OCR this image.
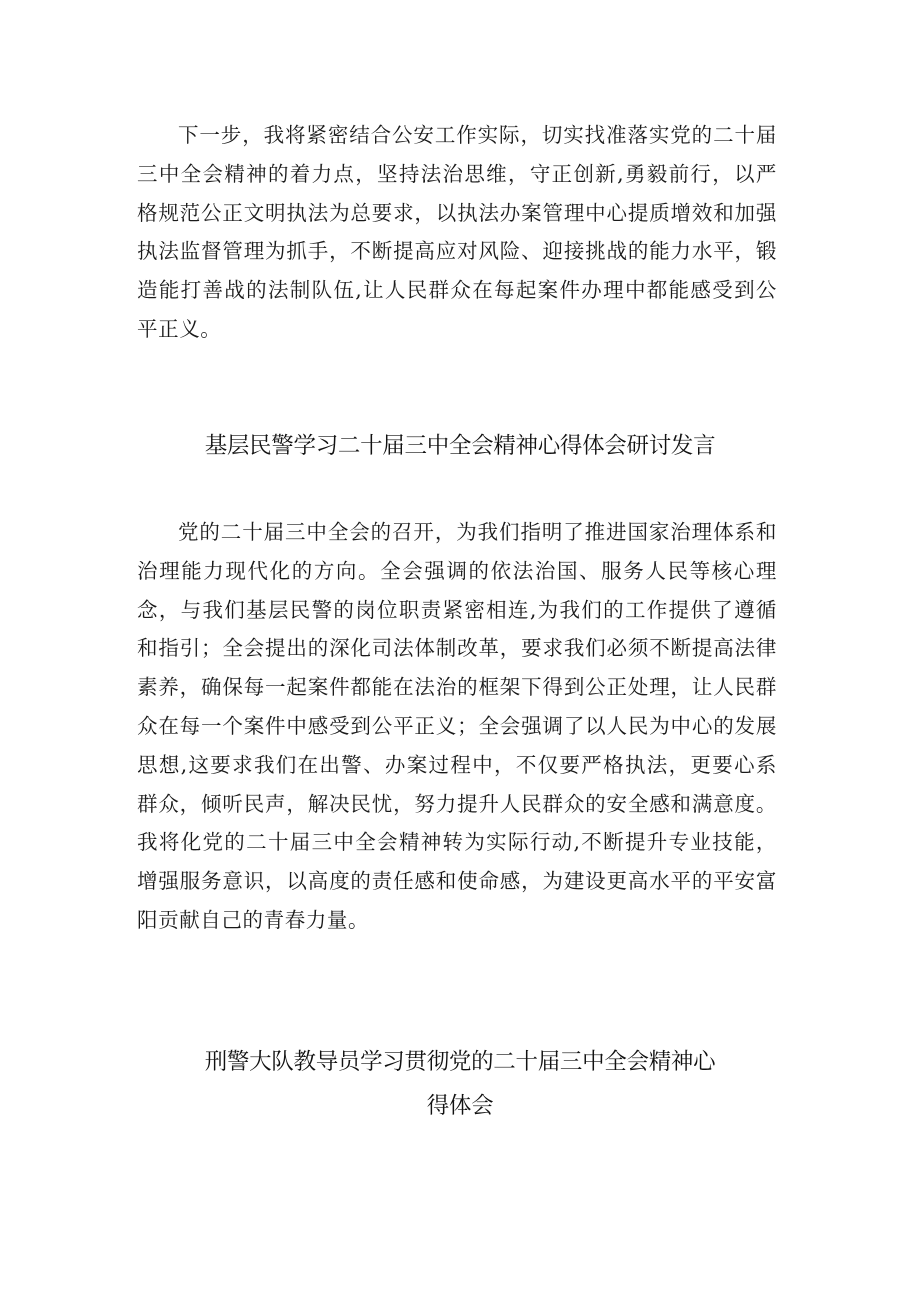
下一步，我将紧密结合公安工作实际，切实找准落实党的二十届三中全会精神的着力点，坚持法治思维，守正创新,勇毅前行，以严格规范公正文明执法为总要求，以执法办案管理中心提质增效和加强执法监督管理为抓手，不断提高应对风险、迎接挑战的能力水平，锻造能打善战的法制队伍,让人民群众在每起案件办理中都能感受到公平正义。

基层民警学习二十届三中全会精神心得体会研讨发言

党的二十届三中全会的召开，为我们指明了推进国家治理体系和治理能力现代化的方向。全会强调的依法治国、服务人民等核心理念，与我们基层民警的岗位职责紧密相连,为我们的工作提供了遵循和指引；全会提出的深化司法体制改革，要求我们必须不断提高法律素养，确保每一起案件都能在法治的框架下得到公正处理，让人民群众在每一个案件中感受到公平正义；全会强调了以人民为中心的发展思想,这要求我们在出警、办案过程中，不仅要严格执法，更要心系群众，倾听民声，解决民忧，努力提升人民群众的安全感和满意度。我将化党的二十届三中全会精神转为实际行动,不断提升专业技能，增强服务意识，以高度的责任感和使命感，为建设更高水平的平安富阳贡献自己的青春力量。

刑警大队教导员学习贯彻党的二十届三中全会精神心
得体会
